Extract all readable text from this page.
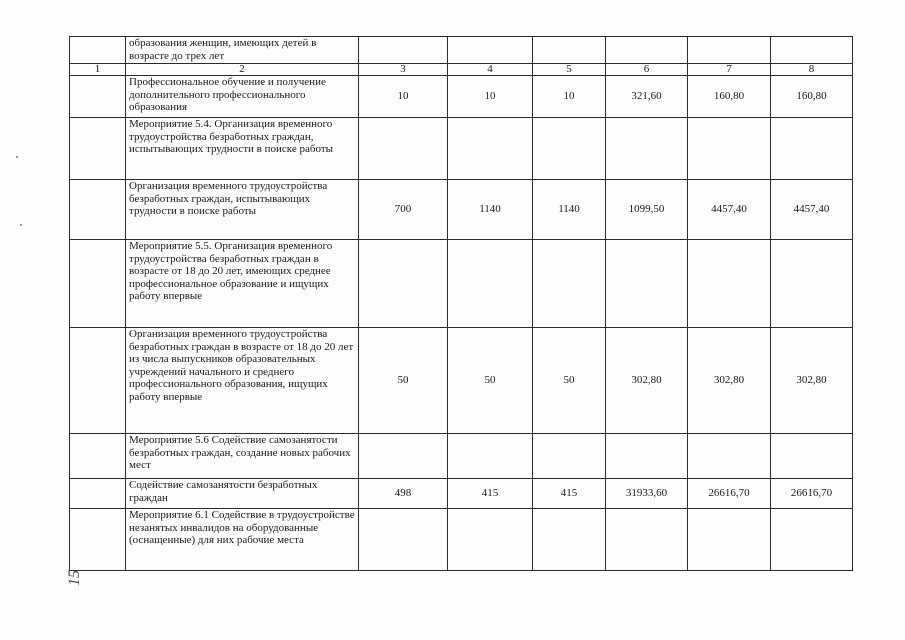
	образования женщин, имеющих детей в возрасте до трех лет						
1	2	3	4	5	6	7	8
	Профессиональное обучение и получение дополнительного профессионального образования	10	10	10	321,60	160,80	160,80
	Мероприятие 5.4. Организация временного трудоустройства безработных граждан, испытывающих трудности в поиске работы						
	Организация временного трудоустройства безработных граждан, испытывающих трудности в поиске работы	700	1140	1140	1099,50	4457,40	4457,40
	Мероприятие 5.5. Организация временного трудоустройства безработных граждан в возрасте от 18 до 20 лет, имеющих среднее профессиональное образование и ищущих работу впервые						
	Организация временного трудоустройства безработных граждан в возрасте от 18 до 20 лет из числа выпускников образовательных учреждений начального и среднего профессионального образования, ищущих работу впервые	50	50	50	302,80	302,80	302,80
	Мероприятие 5.6 Содействие самозанятости безработных граждан, создание новых рабочих мест						
	Содействие самозанятости безработных граждан	498	415	415	31933,60	26616,70	26616,70
	Мероприятие 6.1 Содействие в трудоустройстве незанятых инвалидов на оборудованные (оснащенные) для них рабочие места						
15
